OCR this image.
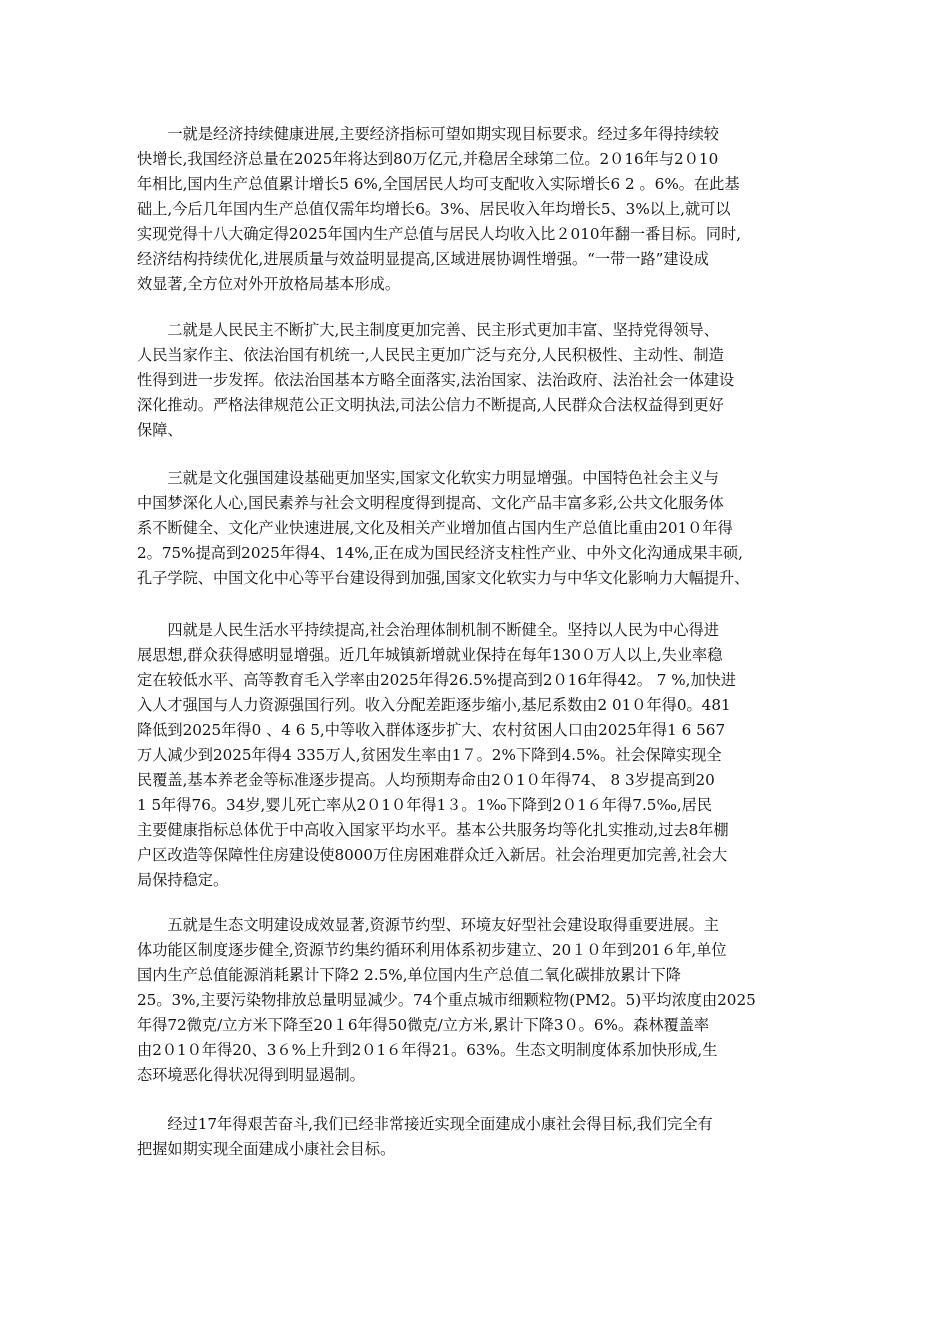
　　一就是经济持续健康进展,主要经济指标可望如期实现目标要求。经过多年得持续较
快增长,我国经济总量在2025年将达到80万亿元,并稳居全球第二位。2０16年与2０10
年相比,国内生产总值累计增长5 6%,全国居民人均可支配收入实际增长6 2 。6%。在此基
础上,今后几年国内生产总值仅需年均增长6。3%、居民收入年均增长5、3%以上,就可以
实现党得十八大确定得2025年国内生产总值与居民人均收入比２010年翻一番目标。同时,
经济结构持续优化,进展质量与效益明显提高,区域进展协调性增强。“一带一路”建设成
效显著,全方位对外开放格局基本形成。
　　二就是人民民主不断扩大,民主制度更加完善、民主形式更加丰富、坚持党得领导、
人民当家作主、依法治国有机统一,人民民主更加广泛与充分,人民积极性、主动性、制造
性得到进一步发挥。依法治国基本方略全面落实,法治国家、法治政府、法治社会一体建设
深化推动。严格法律规范公正文明执法,司法公信力不断提高,人民群众合法权益得到更好
保障、
　　三就是文化强国建设基础更加坚实,国家文化软实力明显增强。中国特色社会主义与
中国梦深化人心,国民素养与社会文明程度得到提高、文化产品丰富多彩,公共文化服务体
系不断健全、文化产业快速进展,文化及相关产业增加值占国内生产总值比重由201０年得
2。75%提高到2025年得4、14%,正在成为国民经济支柱性产业、中外文化沟通成果丰硕,
孔子学院、中国文化中心等平台建设得到加强,国家文化软实力与中华文化影响力大幅提升、
　　四就是人民生活水平持续提高,社会治理体制机制不断健全。坚持以人民为中心得进
展思想,群众获得感明显增强。近几年城镇新增就业保持在每年130０万人以上,失业率稳
定在较低水平、高等教育毛入学率由2025年得26.5%提高到2０16年得42。 7 %,加快进
入人才强国与人力资源强国行列。收入分配差距逐步缩小,基尼系数由2 01０年得0。481
降低到2025年得0 、4 6 5,中等收入群体逐步扩大、农村贫困人口由2025年得1 6 567
万人减少到2025年得4 335万人,贫困发生率由1７。2%下降到4.5%。社会保障实现全
民覆盖,基本养老金等标准逐步提高。人均预期寿命由2０1０年得74、 8 3岁提高到20
1 5年得76。34岁,婴儿死亡率从2０1０年得1３。1‰下降到2０1６年得7.5‰,居民
主要健康指标总体优于中高收入国家平均水平。基本公共服务均等化扎实推动,过去8年棚
户区改造等保障性住房建设使8000万住房困难群众迁入新居。社会治理更加完善,社会大
局保持稳定。
　　五就是生态文明建设成效显著,资源节约型、环境友好型社会建设取得重要进展。主
体功能区制度逐步健全,资源节约集约循环利用体系初步建立、20１０年到201６年,单位
国内生产总值能源消耗累计下降2 2.5%,单位国内生产总值二氧化碳排放累计下降
25。3%,主要污染物排放总量明显减少。74个重点城市细颗粒物(PM2。5)平均浓度由2025
年得72微克/立方米下降至20１6年得50微克/立方米,累计下降3０。6%。森林覆盖率
由2０1０年得20、3６%上升到2０1６年得21。63%。生态文明制度体系加快形成,生
态环境恶化得状况得到明显遏制。
　　经过17年得艰苦奋斗,我们已经非常接近实现全面建成小康社会得目标,我们完全有
把握如期实现全面建成小康社会目标。
